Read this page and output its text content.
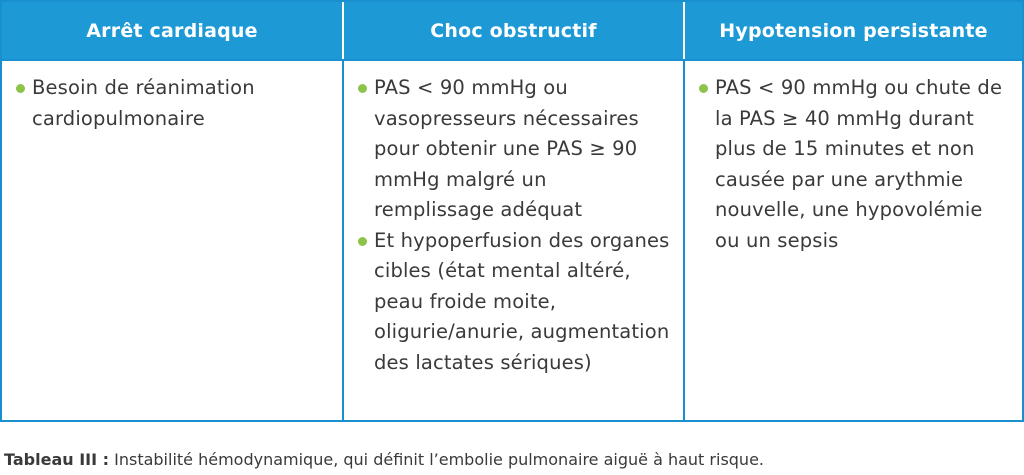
Arrêt cardiaque	Choc obstructif	Hypotension persistante
Besoin de réanimation cardiopulmonaire
PAS < 90 mmHg ou vasopresseurs nécessaires pour obtenir une PAS ≥ 90 mmHg malgré un remplissage adéquat
Et hypoperfusion des organes cibles (état mental altéré, peau froide moite, oligurie/anurie, augmentation des lactates sériques)
PAS < 90 mmHg ou chute de la PAS ≥ 40 mmHg durant plus de 15 minutes et non causée par une arythmie nouvelle, une hypovolémie ou un sepsis
Tableau III : Instabilité hémodynamique, qui définit l’embolie pulmonaire aiguë à haut risque.
